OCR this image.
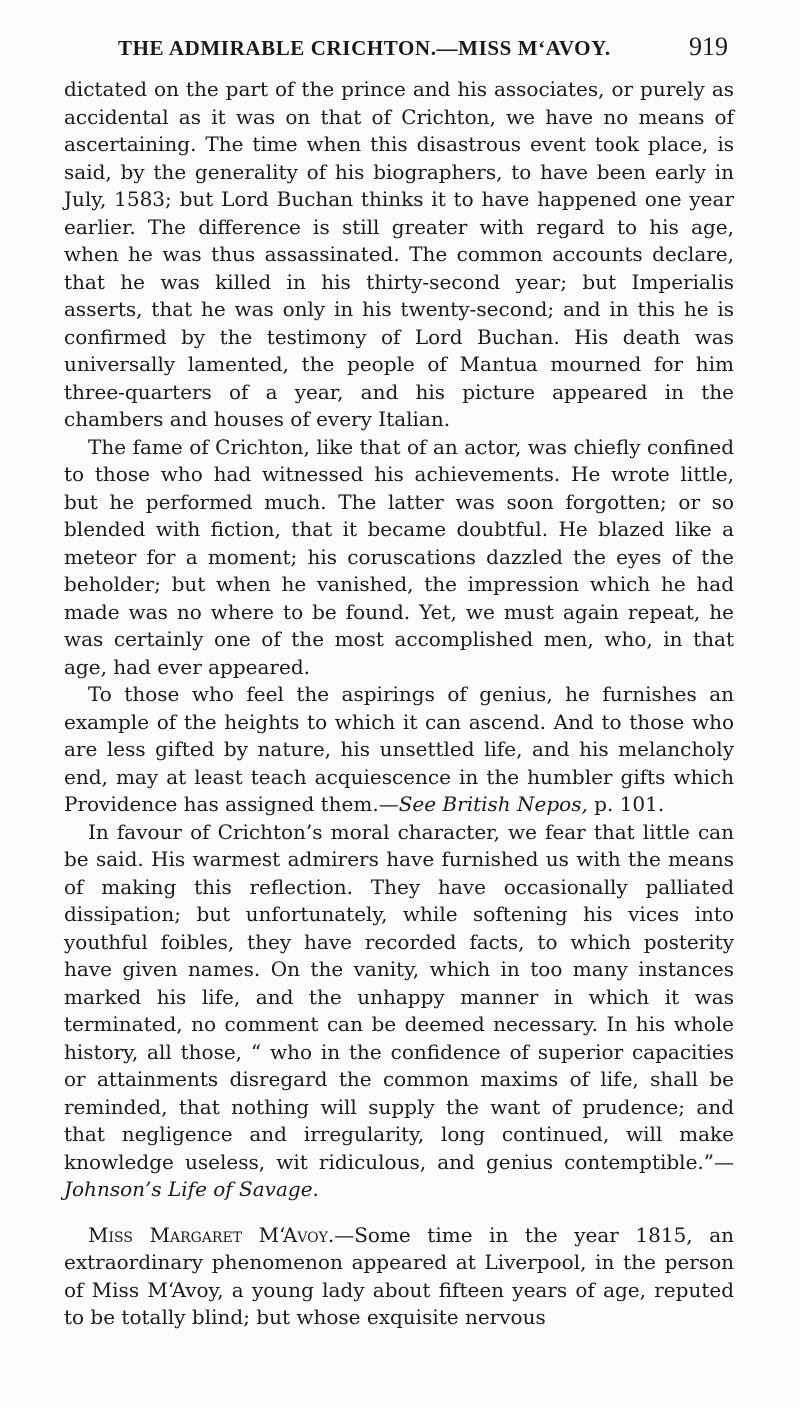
THE ADMIRABLE CRICHTON.—MISS M‘AVOY.	919

dictated on the part of the prince and his associates, or purely as accidental as it was on that of Crichton, we have no means of ascertaining. The time when this disastrous event took place, is said, by the generality of his biographers, to have been early in July, 1583; but Lord Buchan thinks it to have happened one year earlier. The difference is still greater with regard to his age, when he was thus assassinated. The common accounts declare, that he was killed in his thirty-second year; but Imperialis asserts, that he was only in his twenty-second; and in this he is confirmed by the testimony of Lord Buchan. His death was universally lamented, the people of Mantua mourned for him three-quarters of a year, and his picture appeared in the chambers and houses of every Italian.

The fame of Crichton, like that of an actor, was chiefly confined to those who had witnessed his achievements. He wrote little, but he performed much. The latter was soon forgotten; or so blended with fiction, that it became doubtful. He blazed like a meteor for a moment; his coruscations dazzled the eyes of the beholder; but when he vanished, the impression which he had made was no where to be found. Yet, we must again repeat, he was certainly one of the most accomplished men, who, in that age, had ever appeared.

To those who feel the aspirings of genius, he furnishes an example of the heights to which it can ascend. And to those who are less gifted by nature, his unsettled life, and his melancholy end, may at least teach acquiescence in the humbler gifts which Providence has assigned them.—See British Nepos, p. 101.

In favour of Crichton’s moral character, we fear that little can be said. His warmest admirers have furnished us with the means of making this reflection. They have occasionally palliated dissipation; but unfortunately, while softening his vices into youthful foibles, they have recorded facts, to which posterity have given names. On the vanity, which in too many instances marked his life, and the unhappy manner in which it was terminated, no comment can be deemed necessary. In his whole history, all those, “ who in the confidence of superior capacities or attainments disregard the common maxims of life, shall be reminded, that nothing will supply the want of prudence; and that negligence and irregularity, long continued, will make knowledge useless, wit ridiculous, and genius contemptible.”—Johnson’s Life of Savage.

Miss Margaret M‘Avoy.—Some time in the year 1815, an extraordinary phenomenon appeared at Liverpool, in the person of Miss M‘Avoy, a young lady about fifteen years of age, reputed to be totally blind; but whose exquisite nervous
